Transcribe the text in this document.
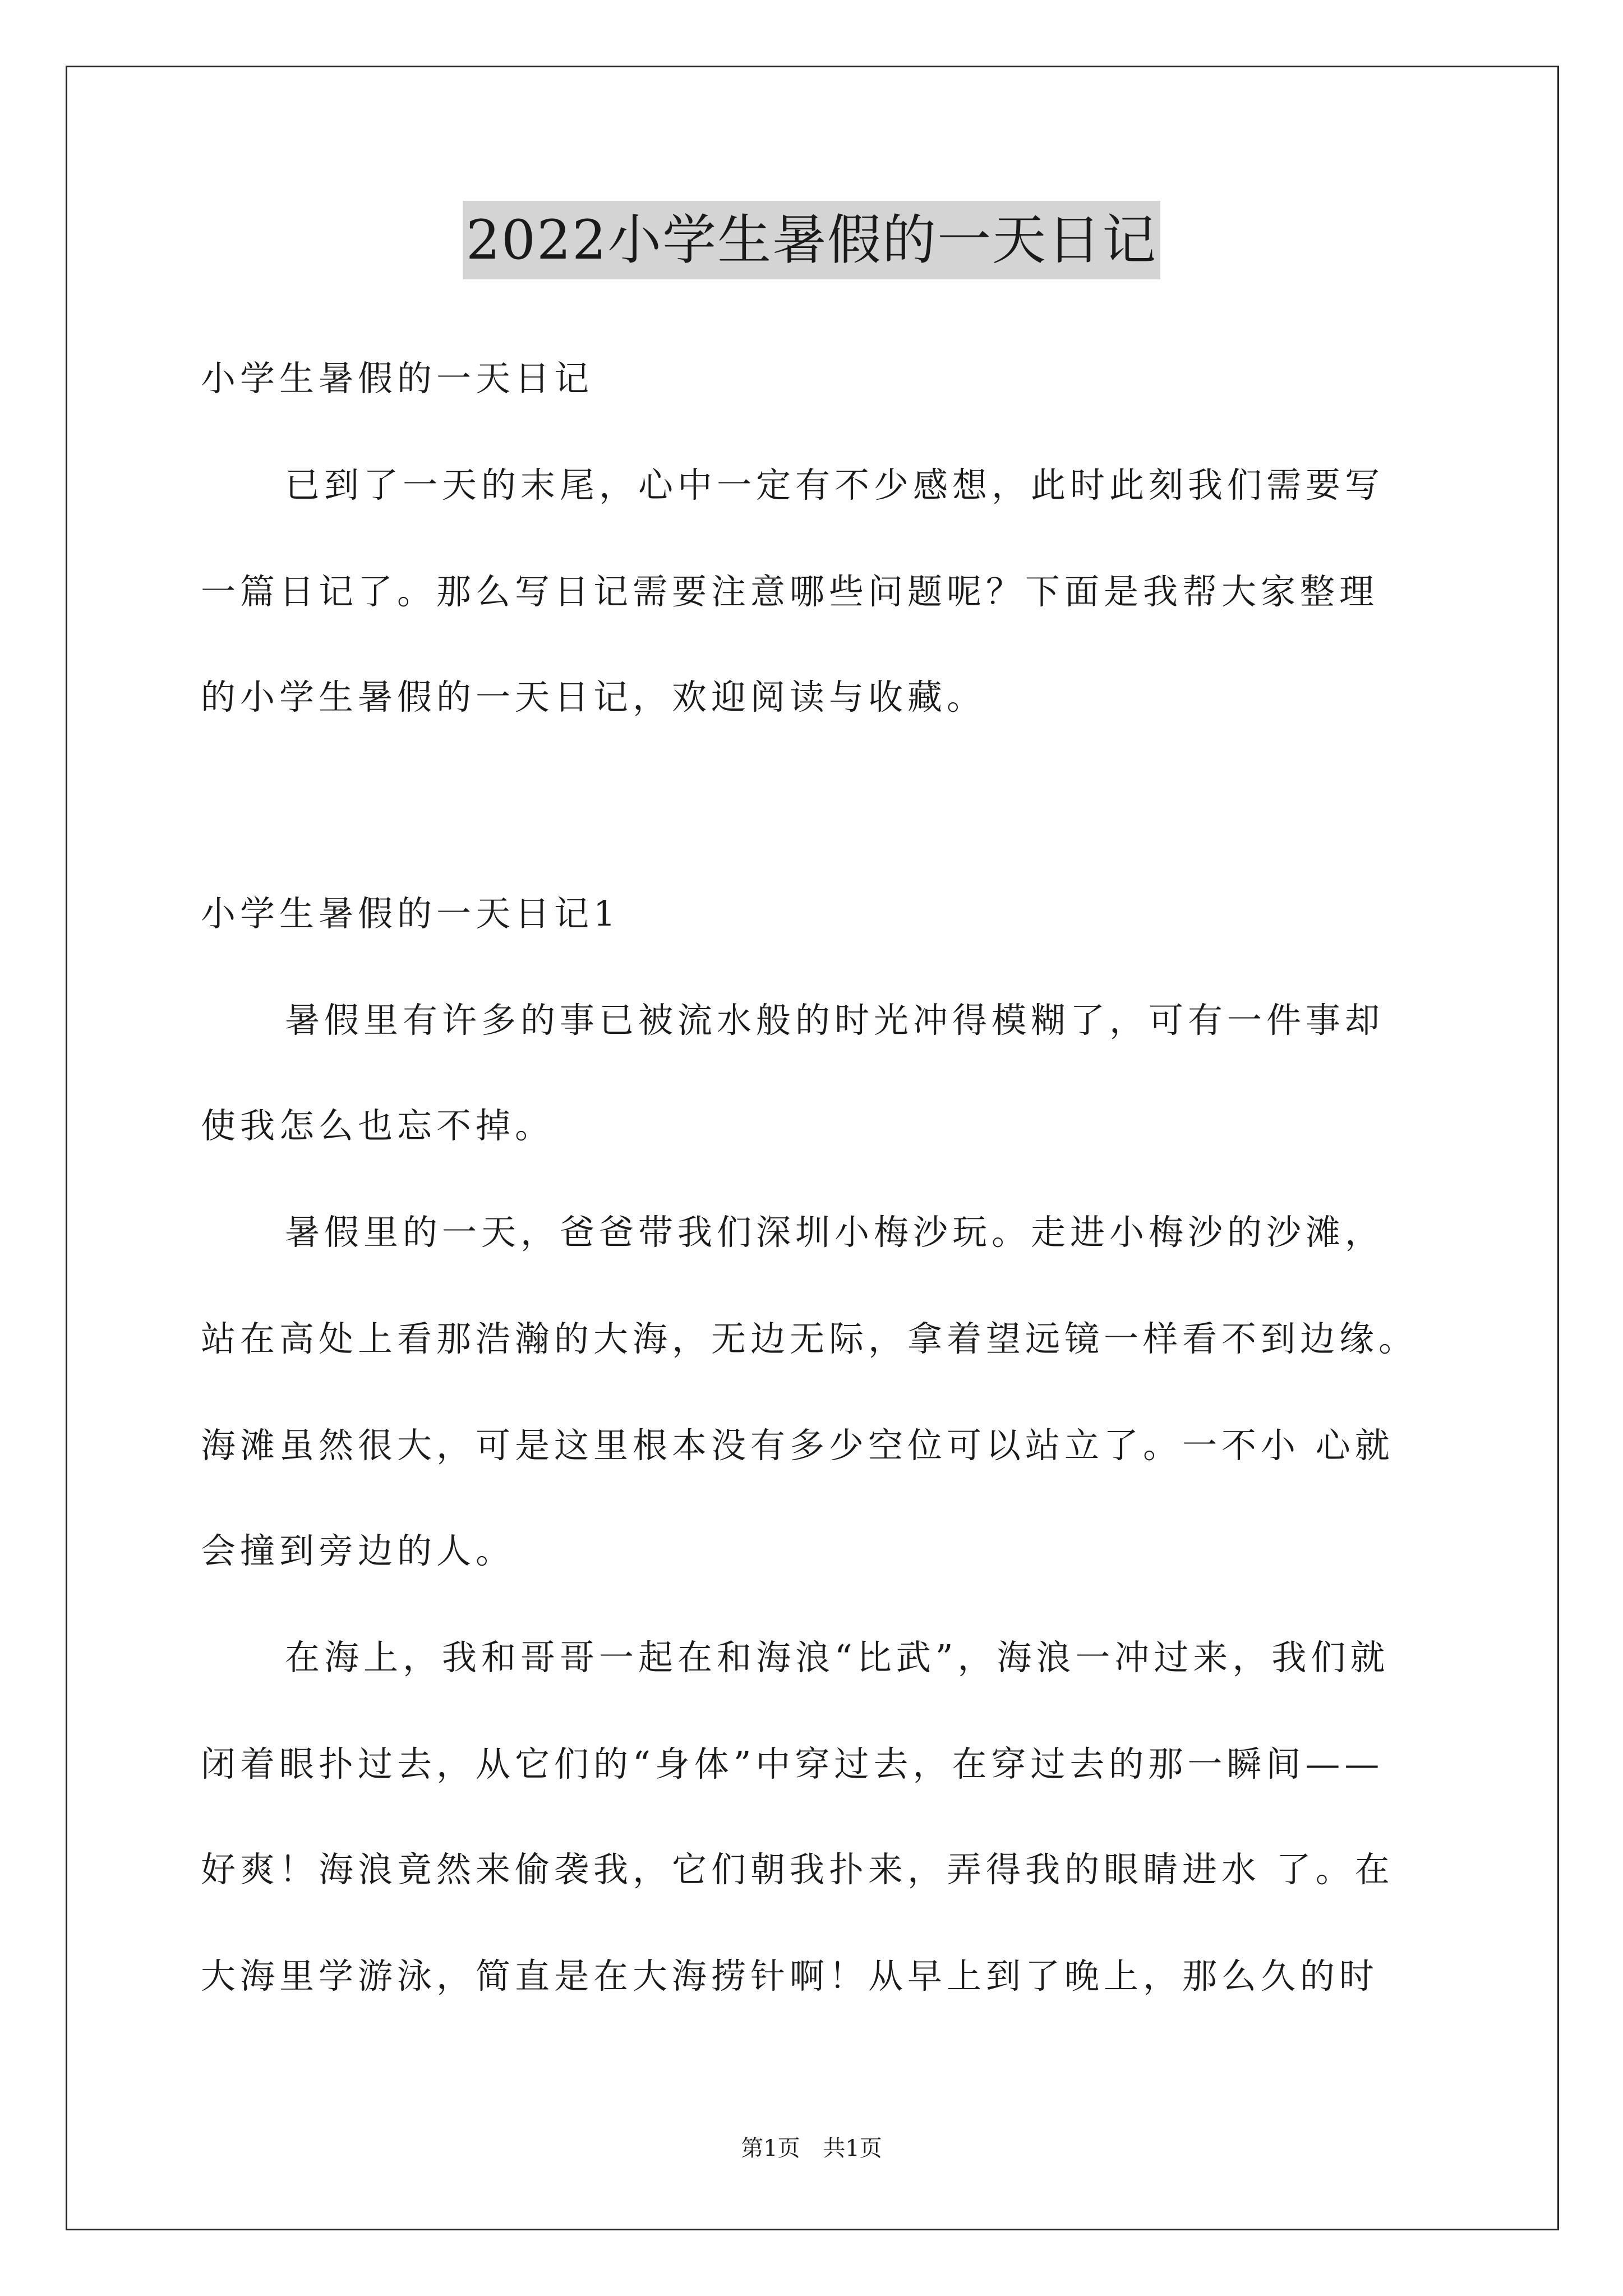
2022小学生暑假的一天日记
小学生暑假的一天日记
已到了一天的末尾，心中一定有不少感想，此时此刻我们需要写
一篇日记了。那么写日记需要注意哪些问题呢？下面是我帮大家整理
的小学生暑假的一天日记，欢迎阅读与收藏。
小学生暑假的一天日记1
暑假里有许多的事已被流水般的时光冲得模糊了，可有一件事却
使我怎么也忘不掉。
暑假里的一天，爸爸带我们深圳小梅沙玩。走进小梅沙的沙滩，
站在高处上看那浩瀚的大海，无边无际，拿着望远镜一样看不到边缘。
海滩虽然很大，可是这里根本没有多少空位可以站立了。一不小 心就
会撞到旁边的人。
在海上，我和哥哥一起在和海浪“比武”，海浪一冲过来，我们就
闭着眼扑过去，从它们的“身体”中穿过去，在穿过去的那一瞬间——
好爽！海浪竟然来偷袭我，它们朝我扑来，弄得我的眼睛进水 了。在
大海里学游泳，简直是在大海捞针啊！从早上到了晚上，那么久的时
第1页 共1页
